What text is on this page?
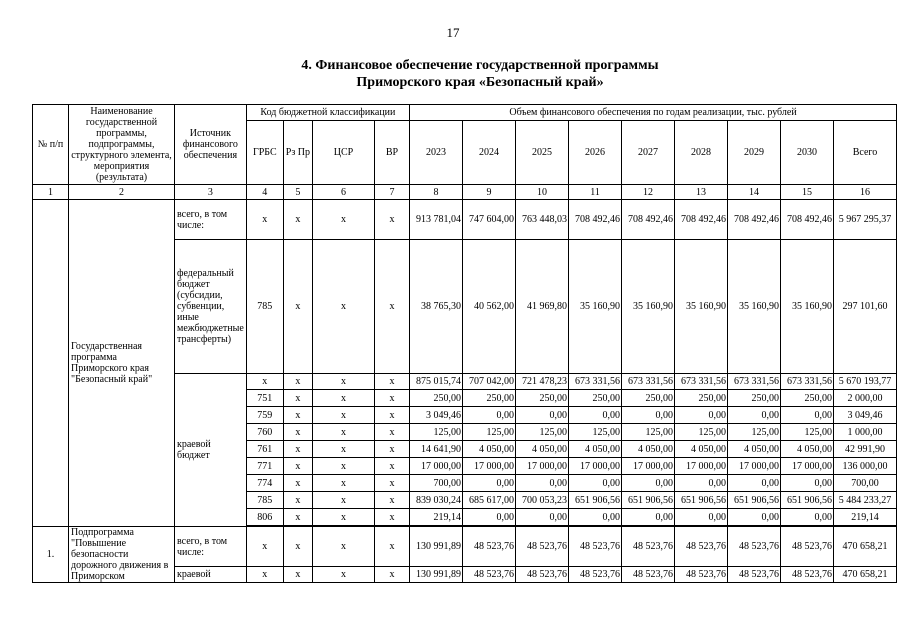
17
4. Финансовое обеспечение государственной программы
Приморского края «Безопасный край»
№ п/п	Наименование государственной программы, подпрограммы, структурного элемента, мероприятия (результата)	Источник финансового обеспечения	Код бюджетной классификации				Объем финансового обеспечения по годам реализации, тыс. рублей								
			ГРБС	Рз Пр	ЦСР	ВР	2023	2024	2025	2026	2027	2028	2029	2030	Всего
1	2	3	4	5	6	7	8	9	10	11	12	13	14	15	16
	Государственная программа Приморского края "Безопасный край"	всего, в том числе:	х	х	х	х	913 781,04	747 604,00	763 448,03	708 492,46	708 492,46	708 492,46	708 492,46	708 492,46	5 967 295,37
		федеральный бюджет (субсидии, субвенции, иные межбюджетные трансферты)	785	х	х	х	38 765,30	40 562,00	41 969,80	35 160,90	35 160,90	35 160,90	35 160,90	35 160,90	297 101,60
		краевой бюджет	х	х	х	х	875 015,74	707 042,00	721 478,23	673 331,56	673 331,56	673 331,56	673 331,56	673 331,56	5 670 193,77
			751	х	х	х	250,00	250,00	250,00	250,00	250,00	250,00	250,00	250,00	2 000,00
			759	х	х	х	3 049,46	0,00	0,00	0,00	0,00	0,00	0,00	0,00	3 049,46
			760	х	х	х	125,00	125,00	125,00	125,00	125,00	125,00	125,00	125,00	1 000,00
			761	х	х	х	14 641,90	4 050,00	4 050,00	4 050,00	4 050,00	4 050,00	4 050,00	4 050,00	42 991,90
			771	х	х	х	17 000,00	17 000,00	17 000,00	17 000,00	17 000,00	17 000,00	17 000,00	17 000,00	136 000,00
			774	х	х	х	700,00	0,00	0,00	0,00	0,00	0,00	0,00	0,00	700,00
			785	х	х	х	839 030,24	685 617,00	700 053,23	651 906,56	651 906,56	651 906,56	651 906,56	651 906,56	5 484 233,27
			806	х	х	х	219,14	0,00	0,00	0,00	0,00	0,00	0,00	0,00	219,14

1.	Подпрограмма "Повышение безопасности дорожного движения в Приморском	всего, в том числе:	х	х	х	х	130 991,89	48 523,76	48 523,76	48 523,76	48 523,76	48 523,76	48 523,76	48 523,76	470 658,21
		краевой	х	х	х	х	130 991,89	48 523,76	48 523,76	48 523,76	48 523,76	48 523,76	48 523,76	48 523,76	470 658,21
